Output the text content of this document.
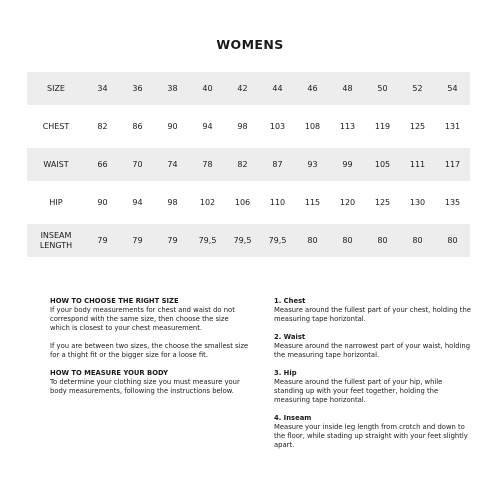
WOMENS
SIZE	34	36	38	40	42	44	46	48	50	52	54
CHEST	82	86	90	94	98	103	108	113	119	125	131
WAIST	66	70	74	78	82	87	93	99	105	111	117
HIP	90	94	98	102	106	110	115	120	125	130	135
INSEAM
LENGTH	79	79	79	79,5	79,5	79,5	80	80	80	80	80
HOW TO CHOOSE THE RIGHT SIZE

If your body measurements for chest and waist do not correspond with the same size, then choose the size which is closest to your chest measurement.

If you are between two sizes, the choose the smallest size for a thight fit or the bigger size for a loose fit.

HOW TO MEASURE YOUR BODY

To determine your clothing size you must measure your body measurements, following the instructions below.

1. Chest
Measure around the fullest part of your chest, holding the measuring tape horizontal.
2. Waist
Measure around the narrowest part of your waist, holding the measuring tape horizontal.
3. Hip
Measure around the fullest part of your hip, while standing up with your feet together, holding the measuring tape horizontal.
4. Inseam
Measure your inside leg length from crotch and down to the floor, while stading up straight with your feet slightly apart.
